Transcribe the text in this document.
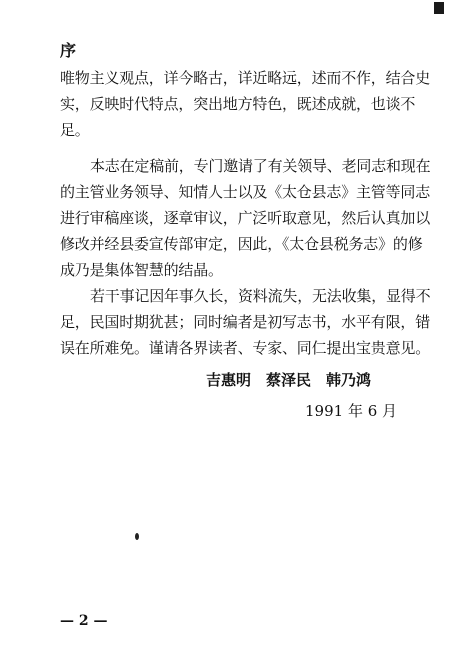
序
唯物主义观点，详今略古，详近略远，述而不作，结合史
实，反映时代特点，突出地方特色，既述成就，也谈不
足。
本志在定稿前，专门邀请了有关领导、老同志和现在
的主管业务领导、知情人士以及《太仓县志》主管等同志
进行审稿座谈，逐章审议，广泛听取意见，然后认真加以
修改并经县委宣传部审定，因此，《太仓县税务志》的修
成乃是集体智慧的结晶。
若干事记因年事久长，资料流失，无法收集，显得不
足，民国时期犹甚；同时编者是初写志书，水平有限，错
误在所难免。谨请各界读者、专家、同仁提出宝贵意见。

吉惠明　蔡泽民　韩乃鸿

1991 年 6 月

— 2 —
